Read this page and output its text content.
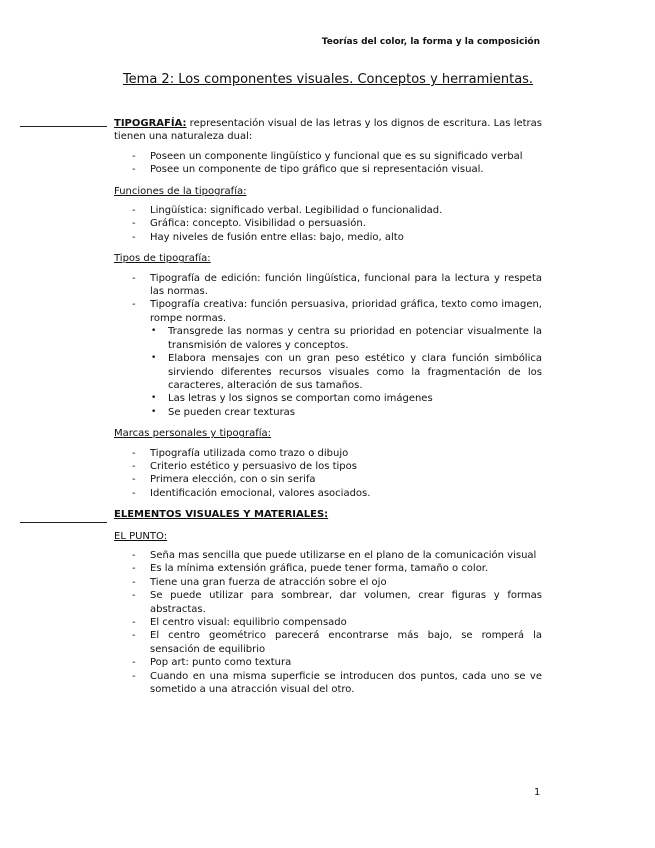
Teorías del color, la forma y la composición
Tema 2: Los componentes visuales. Conceptos y herramientas.

TIPOGRAFÍA: representación visual de las letras y los dignos de escritura. Las letras tienen una naturaleza dual:

- Poseen un componente lingüístico y funcional que es su significado verbal
- Posee un componente de tipo gráfico que si representación visual.

Funciones de la tipografía:

- Lingüística: significado verbal. Legibilidad o funcionalidad.
- Gráfica: concepto. Visibilidad o persuasión.
- Hay niveles de fusión entre ellas: bajo, medio, alto

Tipos de tipografía:

- Tipografía de edición: función lingüística, funcional para la lectura y respeta las normas.
- Tipografía creativa: función persuasiva, prioridad gráfica, texto como imagen, rompe normas.
• Transgrede las normas y centra su prioridad en potenciar visualmente la transmisión de valores y conceptos.
• Elabora mensajes con un gran peso estético y clara función simbólica sirviendo diferentes recursos visuales como la fragmentación de los caracteres, alteración de sus tamaños.
• Las letras y los signos se comportan como imágenes
• Se pueden crear texturas

Marcas personales y tipografía:

- Tipografía utilizada como trazo o dibujo
- Criterio estético y persuasivo de los tipos
- Primera elección, con o sin serifa
- Identificación emocional, valores asociados.

ELEMENTOS VISUALES Y MATERIALES:

EL PUNTO:

- Seña mas sencilla que puede utilizarse en el plano de la comunicación visual
- Es la mínima extensión gráfica, puede tener forma, tamaño o color.
- Tiene una gran fuerza de atracción sobre el ojo
- Se puede utilizar para sombrear, dar volumen, crear figuras y formas abstractas.
- El centro visual: equilibrio compensado
- El centro geométrico parecerá encontrarse más bajo, se romperá la sensación de equilibrio
- Pop art: punto como textura
- Cuando en una misma superficie se introducen dos puntos, cada uno se ve sometido a una atracción visual del otro.
1
